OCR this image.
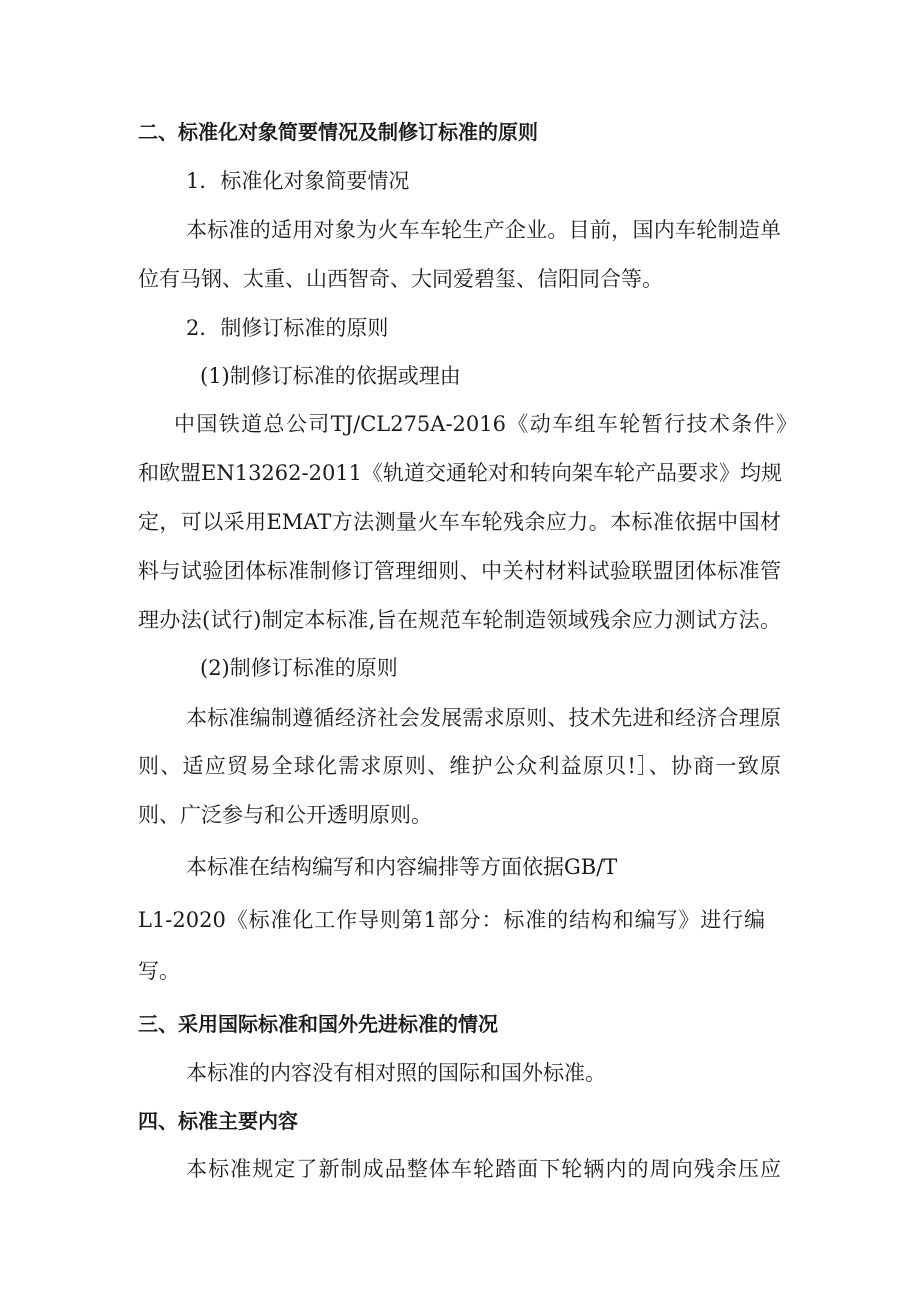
二、标准化对象简要情况及制修订标准的原则

1．标准化对象简要情况

本标准的适用对象为火车车轮生产企业。目前，国内车轮制造单

位有马钢、太重、山西智奇、大同爱碧玺、信阳同合等。

2．制修订标准的原则

(1)制修订标准的依据或理由

中国铁道总公司TJ/CL275A-2016《动车组车轮暂行技术条件》

和欧盟EN13262-2011《轨道交通轮对和转向架车轮产品要求》均规

定，可以采用EMAT方法测量火车车轮残余应力。本标准依据中国材

料与试验团体标准制修订管理细则、中关村材料试验联盟团体标准管

理办法(试行)制定本标准,旨在规范车轮制造领域残余应力测试方法。

(2)制修订标准的原则

本标准编制遵循经济社会发展需求原则、技术先进和经济合理原

则、适应贸易全球化需求原则、维护公众利益原贝!］、协商一致原

则、广泛参与和公开透明原则。

本标准在结构编写和内容编排等方面依据GB/T

L1-2020《标准化工作导则第1部分：标准的结构和编写》进行编

写。

三、采用国际标准和国外先进标准的情况

本标准的内容没有相对照的国际和国外标准。

四、标准主要内容

本标准规定了新制成品整体车轮踏面下轮辆内的周向残余压应
